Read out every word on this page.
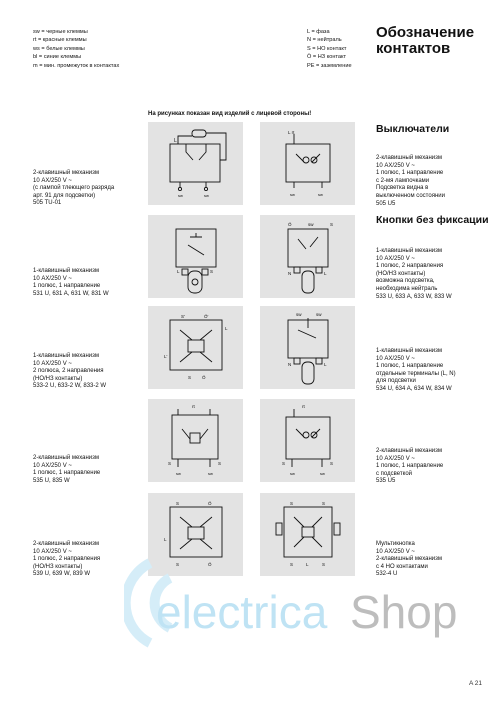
sw = черные клеммы
rt = красные клеммы
ws = белые клеммы
bl = синие клеммы
m = мин. промежуток в контактах
L = фаза
N = нейтраль
S = НО контакт
Ö = НЗ контакт
PE = заземление
Обозначение
контактов
На рисунках показан вид изделий с лицевой стороны!
Выключатели
Кнопки без фиксации
2-клавишный механизм
10 АХ/250 V ~
(с лампой тлеющего разряда
арт. 91 для подсветки)
505 TU-01
1-клавишный механизм
10 АХ/250 V ~
1 полюс, 1 направление
531 U, 631 A, 631 W, 831 W
1-клавишный механизм
10 АХ/250 V ~
2 полюса, 2 направления
(НО/НЗ контакты)
533-2 U, 633-2 W, 833-2 W
2-клавишный механизм
10 АХ/250 V ~
1 полюс, 1 направление
535 U, 835 W
2-клавишный механизм
10 АХ/250 V ~
1 полюс, 2 направления
(НО/НЗ контакты)
539 U, 639 W, 839 W
2-клавишный механизм
10 АХ/250 V ~
1 полюс, 1 направление
с 2-мя лампочками
Подсветка видна в
выключенном состоянии
505 U5
1-клавишный механизм
10 АХ/250 V ~
1 полюс, 2 направления
(НО/НЗ контакты)
возможна подсветка,
необходима нейтраль
533 U, 633 A, 633 W, 833 W
1-клавишный механизм
10 АХ/250 V ~
1 полюс, 1 направление
отдельные терминалы (L, N)
для подсветки
534 U, 634 A, 634 W, 834 W
2-клавишный механизм
10 АХ/250 V ~
1 полюс, 1 направление
с подсветкой
535 U5
Мультикнопка
10 АХ/250 V ~
2-клавишный механизм
с 4 НО контактами
532-4 U
L
sw	sw
L	S
S'	Ö'
L'
L
S Ö
rt
S	S
sw	sw
S	Ö
L
S	Ö
L rt
sw	sw
Ö	sw	S
N	L
sw	sw
N	L
rt
S	S
sw	sw
S	S
S	L	S
electrica Shop
A 21
